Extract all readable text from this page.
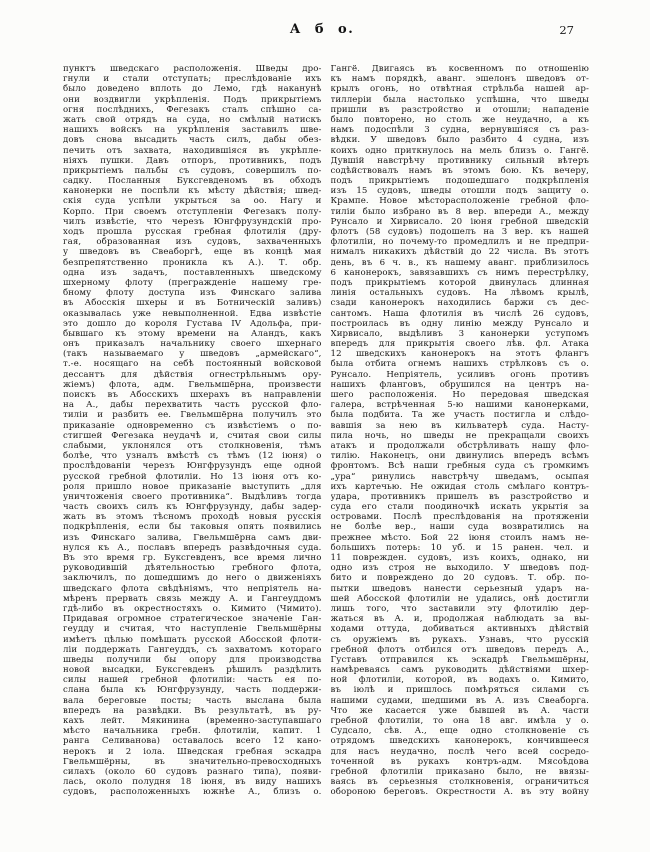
А б о.	27
пунктъ шведскаго расположенія. Шведы дро-
гнули и стали отступать; преслѣдованіе ихъ
было доведено вплоть до Лемо, гдѣ наканунѣ
они воздвигли укрѣпленія. Подъ прикрытіемъ
огня послѣднихъ, Фегезакъ сталъ спѣшно са-
жать свой отрядъ на суда, но смѣлый натискъ
нашихъ войскъ на укрѣпленія заставилъ шве-
довъ снова высадить часть силъ, дабы обез-
печить отъ захвата, находившіяся въ укрѣпле-
ніяхъ пушки. Давъ отпоръ, противникъ, подъ
прикрытіемъ пальбы съ судовъ, совершилъ по-
садку. Посланныя Буксгевденомъ въ обходъ
канонерки не поспѣли къ мѣсту дѣйствія; швед-
скія суда успѣли укрыться за оо. Нагу и
Корпо. При своемъ отступленіи Фегезакъ полу-
чилъ извѣстіе, что черезъ Юнгфрузундскій про-
ходъ прошла русская гребная флотилія (дру-
гая, образованная изъ судовъ, захваченныхъ
у шведовъ въ Свеаборгѣ, еще въ концѣ мая
безпрепятственно проникла къ А.). Т. обр.
одна изъ задачъ, поставленныхъ шведскому
шхерному флоту (прегражденіе нашему гре-
бному флоту доступа изъ Финскаго залива
въ Абосскія шхеры и въ Ботническій заливъ)
оказывалась уже невыполненной. Едва извѣстіе
это дошло до короля Густава IV Адольфа, при-
бывшаго къ этому времени на Аландъ, какъ
онъ приказалъ начальнику своего шхернаго
(такъ называемаго у шведовъ „армейскаго“,
т.-е. носящаго на себѣ постоянный войсковой
дессантъ для дѣйствія огнестрѣльнымъ ору-
жіемъ) флота, адм. Гвельмшёрна, произвести
поискъ въ Абосскихъ шхерахъ въ направленіи
на А., дабы перехватить часть русской фло-
тиліи и разбить ее. Гвельмшёрна получилъ это
приказаніе одновременно съ извѣстіемъ о по-
стигшей Фегезака неудачѣ и, считая свои силы
слабыми, уклонялся отъ столкновенія, тѣмъ
болѣе, что узналъ вмѣстѣ съ тѣмъ (12 іюня) о
прослѣдованіи черезъ Юнгфрузундъ еще одной
русской гребной флотиліи. Но 13 іюня отъ ко-
роля пришло новое приказаніе выступить „для
уничтоженія своего противника“. Выдѣливъ тогда
часть своихъ силъ къ Юнгфрузунду, дабы задер-
жать въ этомъ тѣсномъ проходѣ новыя русскія
подкрѣпленія, если бы таковыя опять появились
изъ Финскаго залива, Гвельмшёрна самъ дви-
нулся къ А., пославъ впередъ развѣдочныя суда.
Въ это время гр. Буксгевденъ, все время лично
руководившій дѣятельностью гребного флота,
заключилъ, по дошедшимъ до него о движеніяхъ
шведскаго флота свѣдѣніямъ, что непріятель на-
мѣренъ прервать связь между А. и Гангеуддомъ
гдѣ-либо въ окрестностяхъ о. Кимито (Чимито).
Придавая огромное стратегическое значеніе Ган-
геудду и считая, что наступленіе Гвельмшёрны
имѣетъ цѣлью помѣшать русской Абосской флоти-
ліи поддержать Гангеуддъ, съ захватомъ котораго
шведы получили бы опору для производства
новой высадки, Буксгевденъ рѣшилъ раздѣлить
силы нашей гребной флотиліи: часть ея по-
слана была къ Юнгфрузунду, часть поддержи-
вала береговые посты; часть выслана была
впередъ на развѣдки. Въ результатѣ, въ ру-
кахъ лейт. Мякинина (временно-заступавшаго
мѣсто начальника гребн. флотиліи, капит. 1
ранга Селиванова) оставалось всего 12 кано-
нерокъ и 2 іола. Шведская гребная эскадра
Гвельмшёрны, въ значительно-превосходныхъ
силахъ (около 60 судовъ разнаго типа), появи-
лась, около полудня 18 іюня, въ виду нашихъ
судовъ, расположенныхъ южнѣе А., близъ о.
Гангё. Двигаясь въ косвенномъ по отношенію
къ намъ порядкѣ, аванг. эшелонъ шведовъ от-
крылъ огонь, но отвѣтная стрѣльба нашей ар-
тиллеріи была настолько успѣшна, что шведы
пришли въ разстройство и отошли; нападеніе
было повторено, но столь же неудачно, а къ
намъ подоспѣли 3 судна, вернувшіяся съ раз-
вѣдки. У шведовъ было разбито 4 судна, изъ
коихъ одно приткнулось на мель близъ о. Гангё.
Дувшій навстрѣчу противнику сильный вѣтеръ
содѣйствовалъ намъ въ этомъ бою. Къ вечеру,
подъ прикрытіемъ подошедшаго подкрѣпленія
изъ 15 судовъ, шведы отошли подъ защиту о.
Крампе. Новое мѣсторасположеніе гребной фло-
тиліи было избрано въ 8 вер. впереди А., между
Рунсало и Хирвисало. 20 іюня гребной шведскій
флотъ (58 судовъ) подошелъ на 3 вер. къ нашей
флотиліи, но почему-то промедлилъ и не предпри-
нималъ никакихъ дѣйствій до 22 числа. Въ этотъ
день, въ 6 ч. в., къ нашему аванг. приблизилось
6 канонерокъ, завязавшихъ съ нимъ перестрѣлку,
подъ прикрытіемъ которой двинулась длинная
линія остальныхъ судовъ. На лѣвомъ крылѣ,
сзади канонерокъ находились баржи съ дес-
сантомъ. Наша флотилія въ числѣ 26 судовъ,
построилась въ одну линію между Рунсало и
Хирвисало, выдѣливъ 3 канонерки уступомъ
впередъ для прикрытія своего лѣв. фл. Атака
12 шведскихъ канонерокъ на этотъ флангъ
была отбита огнемъ нашихъ стрѣлковъ съ о.
Рунсало. Непріятель, усиливъ огонь противъ
нашихъ фланговъ, обрушился на центръ на-
шего расположенія. Но передовая шведская
галера, встрѣченная 5-ю нашими канонерками,
была подбита. Та же участь постигла и слѣдо-
вавшія за нею въ кильватерѣ суда. Насту-
пила ночь, но шведы не прекращали своихъ
атакъ и продолжали обстрѣливать нашу фло-
тилію. Наконецъ, они двинулись впередъ всѣмъ
фронтомъ. Всѣ наши гребныя суда съ громкимъ
„ура“ ринулись навстрѣчу шведамъ, осыпая
ихъ картечью. Не ожидая столь смѣлаго контръ-
удара, противникъ пришелъ въ разстройство и
суда его стали поодиночкѣ искать укрытія за
островами. Послѣ преслѣдованія на протяженіи
не болѣе вер., наши суда возвратились на
прежнее мѣсто. Бой 22 іюня стоилъ намъ не-
большихъ потерь: 10 уб. и 15 ранен. чел. и
11 поврежден. судовъ, изъ коихъ, однако, ни
одно изъ строя не выходило. У шведовъ под-
бито и повреждено до 20 судовъ. Т. обр. по-
пытки шведовъ нанести серьезный ударъ на-
шей Абосской флотиліи не удались, онѣ достигли
лишь того, что заставили эту флотилію дер-
жаться въ А. и, продолжая наблюдать за вы-
ходами оттуда, добиваться активныхъ дѣйствій
съ оружіемъ въ рукахъ. Узнавъ, что русскій
гребной флотъ отбился отъ шведовъ передъ А.,
Густавъ отправился къ эскадрѣ Гвельмшёрны,
намѣреваясь самъ руководить дѣйствіями шхер-
ной флотиліи, которой, въ водахъ о. Кимито,
въ іюлѣ и пришлось помѣряться силами съ
нашими судами, шедшими въ А. изъ Свеаборга.
Что же касается уже бывшей въ А. части
гребной флотиліи, то она 18 авг. имѣла у о.
Судсало, сѣв. А., еще одно столкновеніе съ
отрядомъ шведскихъ канонерокъ, кончившееся
для насъ неудачно, послѣ чего всей сосредо-
точенной въ рукахъ контръ-адм. Мясоѣдова
гребной флотиліи приказано было, не ввязы-
ваясь въ серьезныя столкновенія, ограничиться
обороною береговъ. Окрестности А. въ эту войну
